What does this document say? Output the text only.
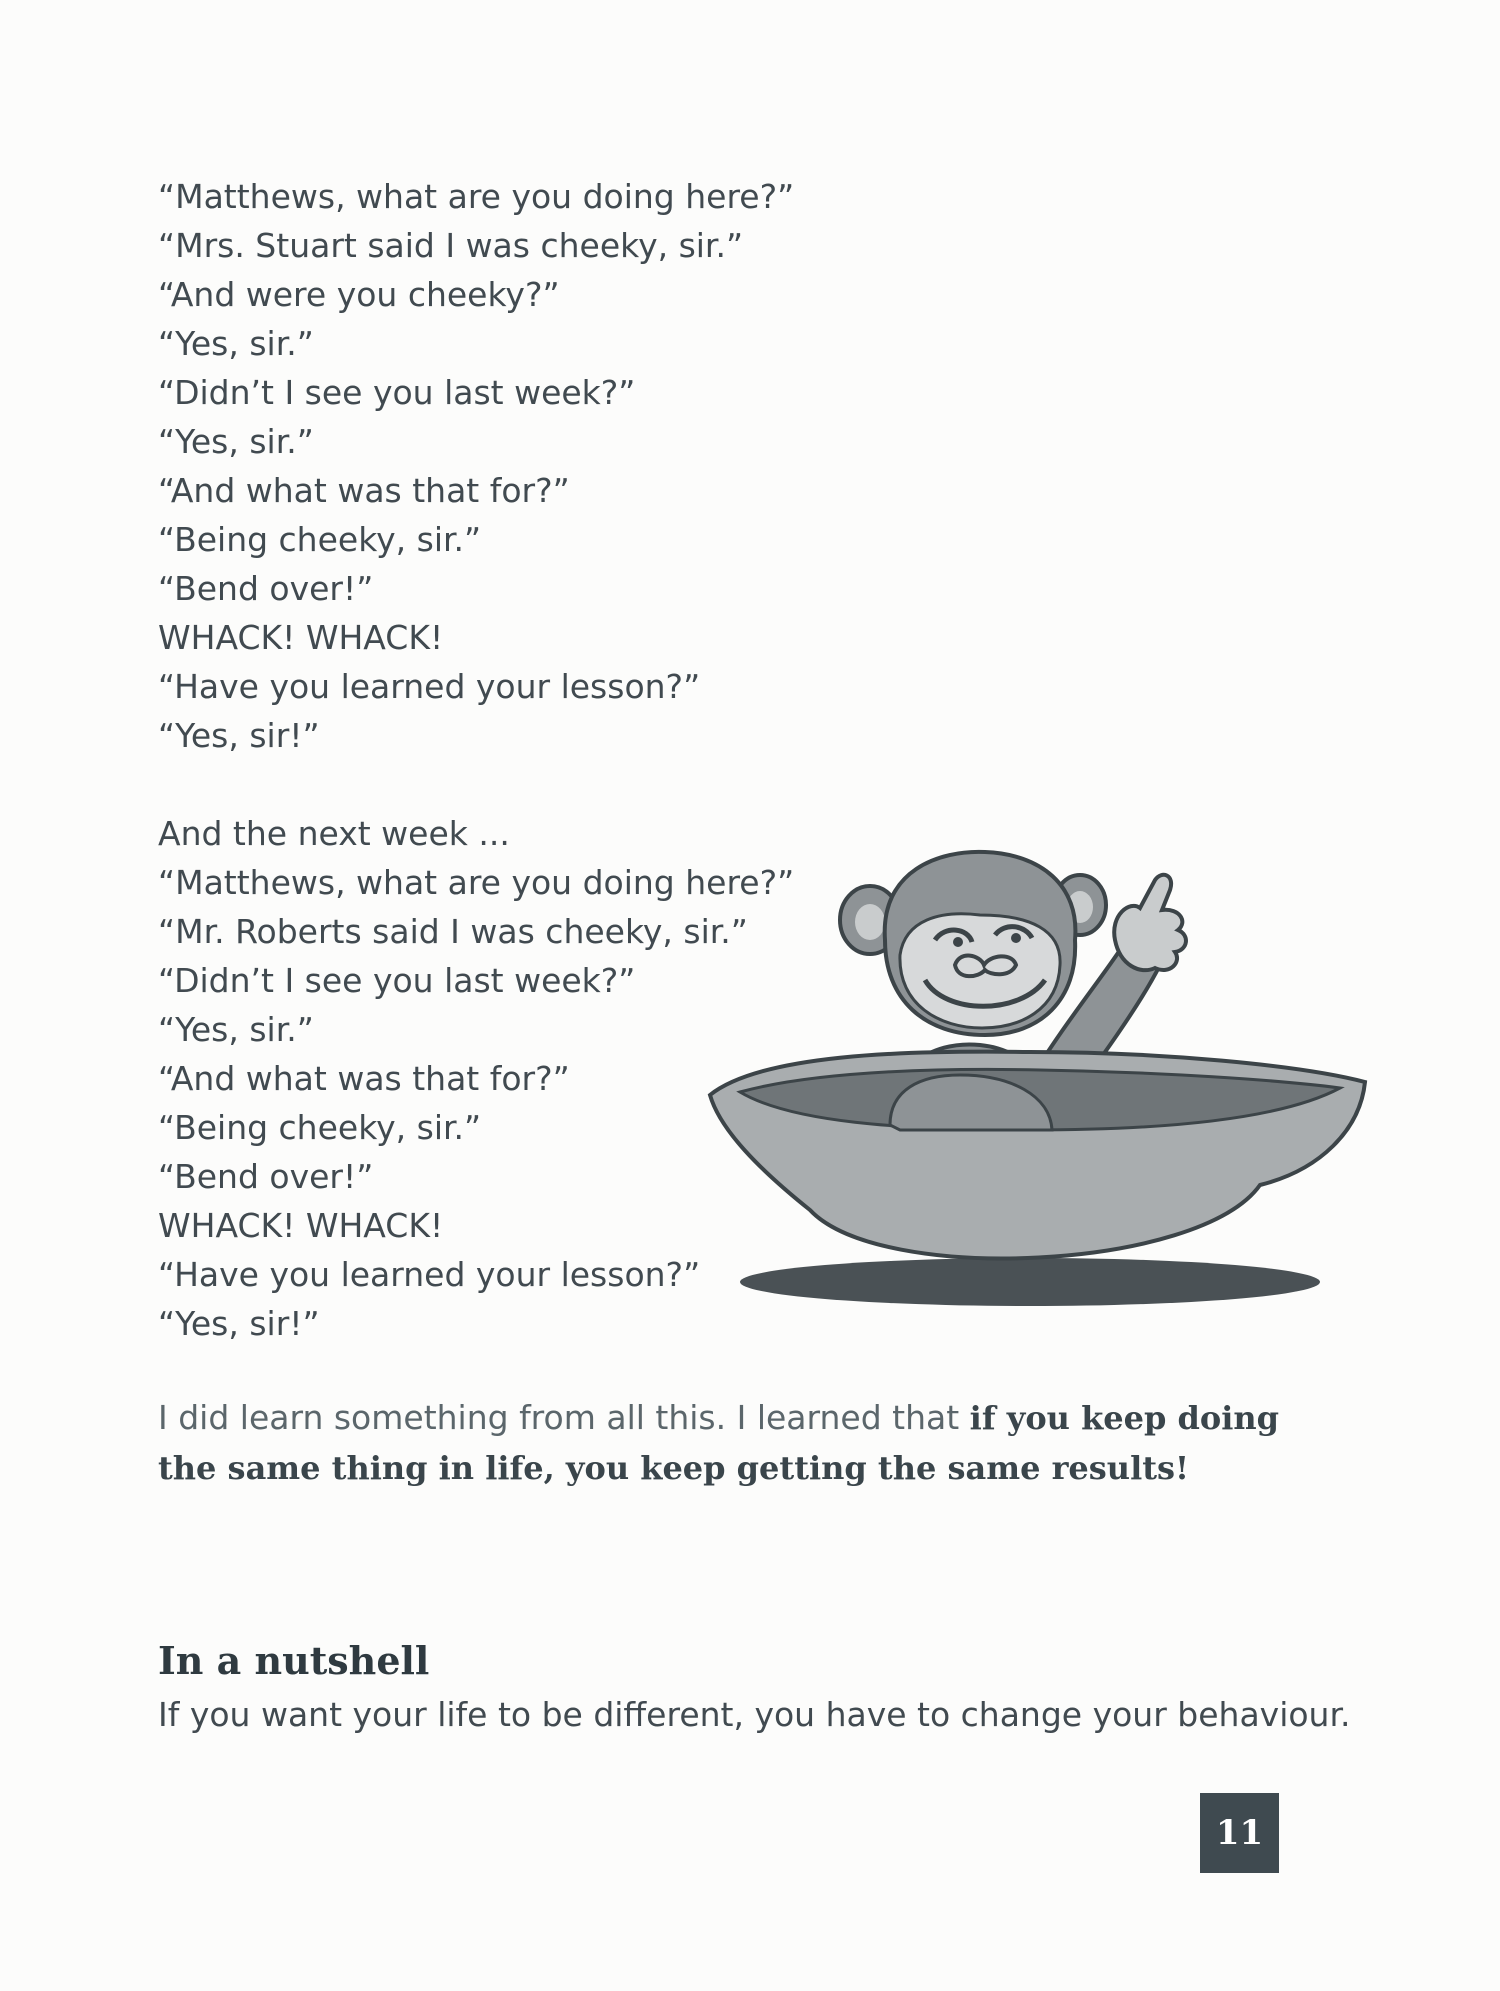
“Matthews, what are you doing here?”
“Mrs. Stuart said I was cheeky, sir.”
“And were you cheeky?”
“Yes, sir.”
“Didn’t I see you last week?”
“Yes, sir.”
“And what was that for?”
“Being cheeky, sir.”
“Bend over!”
WHACK! WHACK!
“Have you learned your lesson?”
“Yes, sir!”
And the next week ...
“Matthews, what are you doing here?”
“Mr. Roberts said I was cheeky, sir.”
“Didn’t I see you last week?”
“Yes, sir.”
“And what was that for?”
“Being cheeky, sir.”
“Bend over!”
WHACK! WHACK!
“Have you learned your lesson?”
“Yes, sir!”
I did learn something from all this. I learned that if you keep doing the same thing in life, you keep getting the same results!
In a nutshell
If you want your life to be different, you have to change your behaviour.
11
